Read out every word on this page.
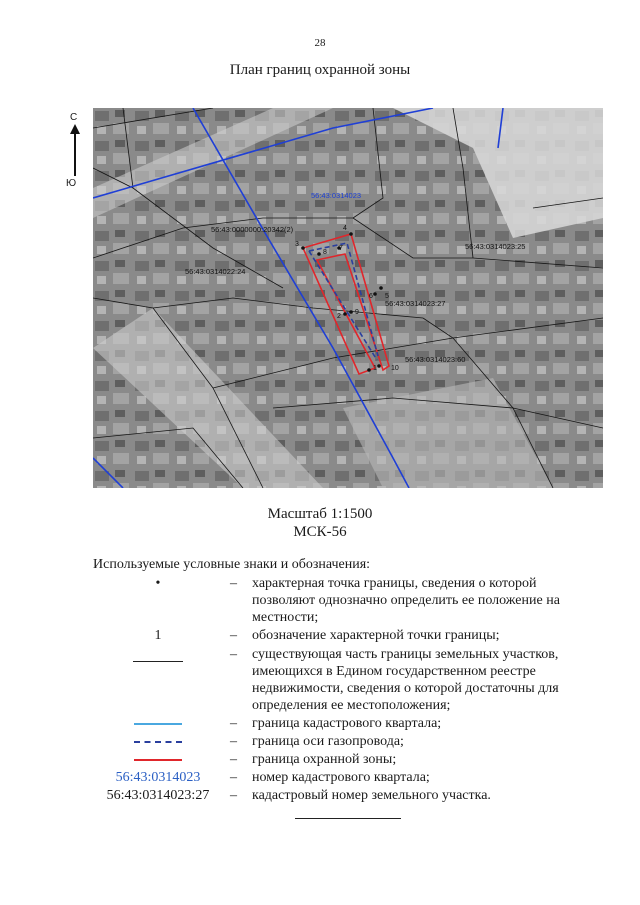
28
План границ охранной зоны
С
Ю
56:43:0314023
56:43:0000000:20342(2)
56:43:0314022:24
56:43:0314023:25
56:43:0314023:27
56:43:0314023:60
1
2
3
4
5
6
7
8
9
10
Масштаб 1:1500
МСК-56
Используемые условные знаки и обозначения:
•	– характерная точка границы, сведения о которой позволяют однозначно определить ее положение на местности;
1	– обозначение характерной точки границы;
– существующая часть границы земельных участков, имеющихся в Едином государственном реестре недвижимости, сведения о которой достаточны для определения ее местоположения;
– граница кадастрового квартала;
– граница оси газопровода;
– граница охранной зоны;
56:43:0314023	– номер кадастрового квартала;
56:43:0314023:27	– кадастровый номер земельного участка.
